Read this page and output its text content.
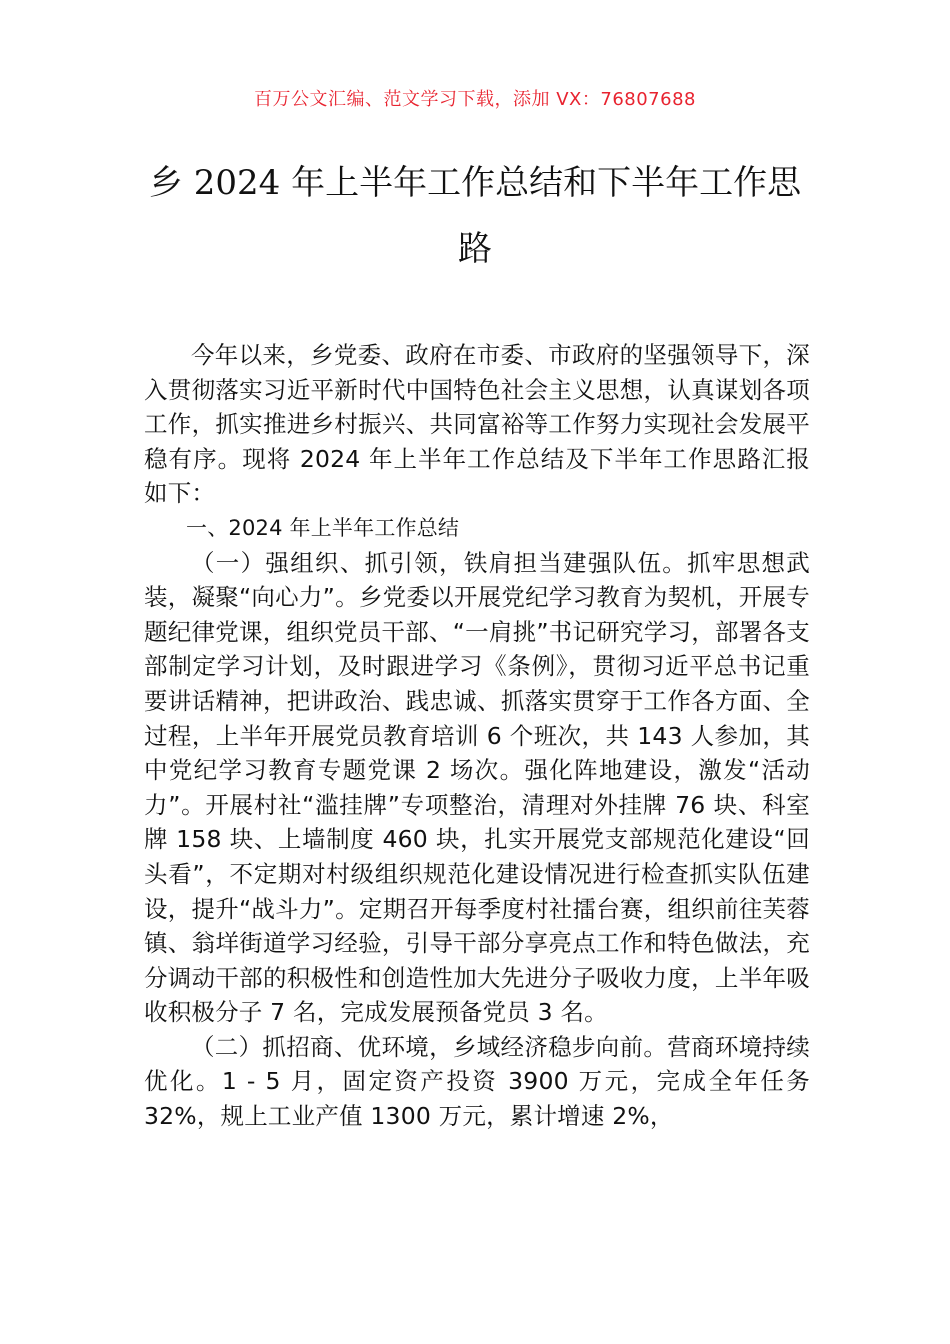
百万公文汇编、范文学习下载，添加 VX：76807688
乡 2024 年上半年工作总结和下半年工作思路

今年以来，乡党委、政府在市委、市政府的坚强领导下，深入贯彻落实习近平新时代中国特色社会主义思想，认真谋划各项工作，抓实推进乡村振兴、共同富裕等工作努力实现社会发展平稳有序。现将 2024 年上半年工作总结及下半年工作思路汇报如下：

一、2024 年上半年工作总结

（一）强组织、抓引领，铁肩担当建强队伍。抓牢思想武装，凝聚“向心力”。乡党委以开展党纪学习教育为契机，开展专题纪律党课，组织党员干部、“一肩挑”书记研究学习，部署各支部制定学习计划，及时跟进学习《条例》，贯彻习近平总书记重要讲话精神，把讲政治、践忠诚、抓落实贯穿于工作各方面、全过程，上半年开展党员教育培训 6 个班次，共 143 人参加，其中党纪学习教育专题党课 2 场次。强化阵地建设，激发“活动力”。开展村社“滥挂牌”专项整治，清理对外挂牌 76 块、科室牌 158 块、上墙制度 460 块，扎实开展党支部规范化建设“回头看”，不定期对村级组织规范化建设情况进行检查抓实队伍建设，提升“战斗力”。定期召开每季度村社擂台赛，组织前往芙蓉镇、翁垟街道学习经验，引导干部分享亮点工作和特色做法，充分调动干部的积极性和创造性加大先进分子吸收力度，上半年吸收积极分子 7 名，完成发展预备党员 3 名。

（二）抓招商、优环境，乡域经济稳步向前。营商环境持续优化。1 - 5 月，固定资产投资 3900 万元，完成全年任务 32%，规上工业产值 1300 万元，累计增速 2%，
